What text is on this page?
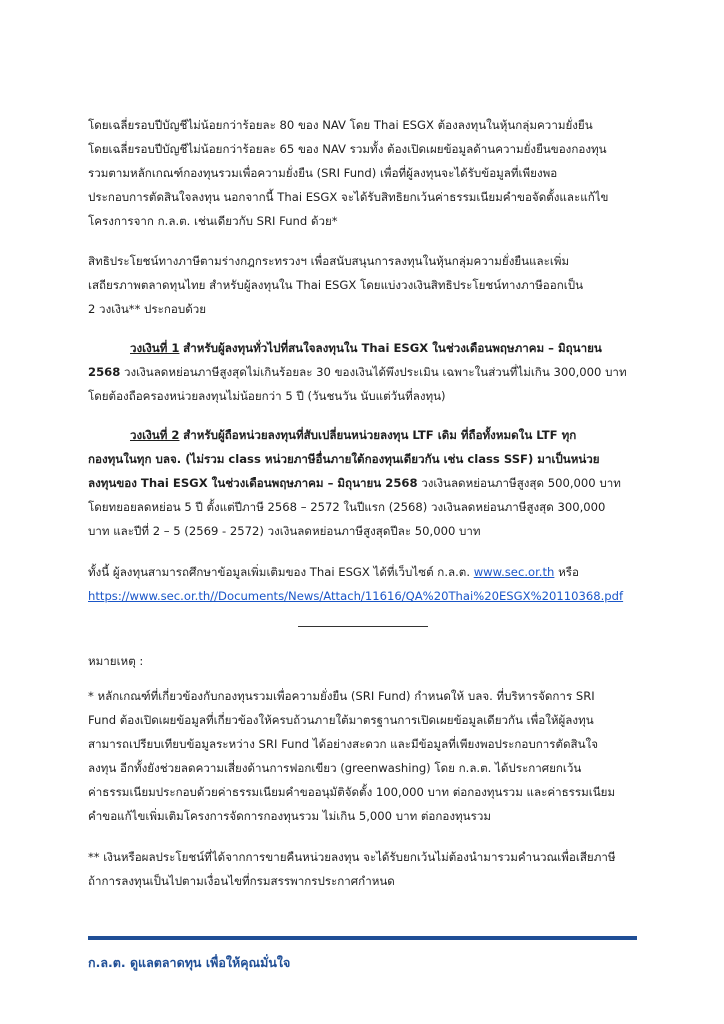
โดยเฉลี่ยรอบปีบัญชีไม่น้อยกว่าร้อยละ 80 ของ NAV โดย Thai ESGX ต้องลงทุนในหุ้นกลุ่มความยั่งยืน
โดยเฉลี่ยรอบปีบัญชีไม่น้อยกว่าร้อยละ 65 ของ NAV รวมทั้ง ต้องเปิดเผยข้อมูลด้านความยั่งยืนของกองทุน
รวมตามหลักเกณฑ์กองทุนรวมเพื่อความยั่งยืน (SRI Fund) เพื่อที่ผู้ลงทุนจะได้รับข้อมูลที่เพียงพอ
ประกอบการตัดสินใจลงทุน นอกจากนี้ Thai ESGX จะได้รับสิทธิยกเว้นค่าธรรมเนียมคำขอจัดตั้งและแก้ไข
โครงการจาก ก.ล.ต. เช่นเดียวกับ SRI Fund ด้วย*
สิทธิประโยชน์ทางภาษีตามร่างกฎกระทรวงฯ เพื่อสนับสนุนการลงทุนในหุ้นกลุ่มความยั่งยืนและเพิ่ม
เสถียรภาพตลาดทุนไทย สำหรับผู้ลงทุนใน Thai ESGX โดยแบ่งวงเงินสิทธิประโยชน์ทางภาษีออกเป็น
2 วงเงิน** ประกอบด้วย
วงเงินที่ 1 สำหรับผู้ลงทุนทั่วไปที่สนใจลงทุนใน Thai ESGX ในช่วงเดือนพฤษภาคม – มิถุนายน
2568 วงเงินลดหย่อนภาษีสูงสุดไม่เกินร้อยละ 30 ของเงินได้พึงประเมิน เฉพาะในส่วนที่ไม่เกิน 300,000 บาท
โดยต้องถือครองหน่วยลงทุนไม่น้อยกว่า 5 ปี (วันชนวัน นับแต่วันที่ลงทุน)
วงเงินที่ 2 สำหรับผู้ถือหน่วยลงทุนที่สับเปลี่ยนหน่วยลงทุน LTF เดิม ที่ถือทั้งหมดใน LTF ทุก
กองทุนในทุก บลจ. (ไม่รวม class หน่วยภาษีอื่นภายใต้กองทุนเดียวกัน เช่น class SSF) มาเป็นหน่วย
ลงทุนของ Thai ESGX ในช่วงเดือนพฤษภาคม – มิถุนายน 2568 วงเงินลดหย่อนภาษีสูงสุด 500,000 บาท
โดยทยอยลดหย่อน 5 ปี ตั้งแต่ปีภาษี 2568 – 2572 ในปีแรก (2568) วงเงินลดหย่อนภาษีสูงสุด 300,000
บาท และปีที่ 2 – 5 (2569 - 2572) วงเงินลดหย่อนภาษีสูงสุดปีละ 50,000 บาท
ทั้งนี้ ผู้ลงทุนสามารถศึกษาข้อมูลเพิ่มเติมของ Thai ESGX ได้ที่เว็บไซต์ ก.ล.ต. www.sec.or.th หรือ
https://www.sec.or.th//Documents/News/Attach/11616/QA%20Thai%20ESGX%20110368.pdf
หมายเหตุ :
* หลักเกณฑ์ที่เกี่ยวข้องกับกองทุนรวมเพื่อความยั่งยืน (SRI Fund) กำหนดให้ บลจ. ที่บริหารจัดการ SRI
Fund ต้องเปิดเผยข้อมูลที่เกี่ยวข้องให้ครบถ้วนภายใต้มาตรฐานการเปิดเผยข้อมูลเดียวกัน เพื่อให้ผู้ลงทุน
สามารถเปรียบเทียบข้อมูลระหว่าง SRI Fund ได้อย่างสะดวก และมีข้อมูลที่เพียงพอประกอบการตัดสินใจ
ลงทุน อีกทั้งยังช่วยลดความเสี่ยงด้านการฟอกเขียว (greenwashing) โดย ก.ล.ต. ได้ประกาศยกเว้น
ค่าธรรมเนียมประกอบด้วยค่าธรรมเนียมคำขออนุมัติจัดตั้ง 100,000 บาท ต่อกองทุนรวม และค่าธรรมเนียม
คำขอแก้ไขเพิ่มเติมโครงการจัดการกองทุนรวม ไม่เกิน 5,000 บาท ต่อกองทุนรวม
** เงินหรือผลประโยชน์ที่ได้จากการขายคืนหน่วยลงทุน จะได้รับยกเว้นไม่ต้องนำมารวมคำนวณเพื่อเสียภาษี
ถ้าการลงทุนเป็นไปตามเงื่อนไขที่กรมสรรพากรประกาศกำหนด
ก.ล.ต. ดูแลตลาดทุน เพื่อให้คุณมั่นใจ
